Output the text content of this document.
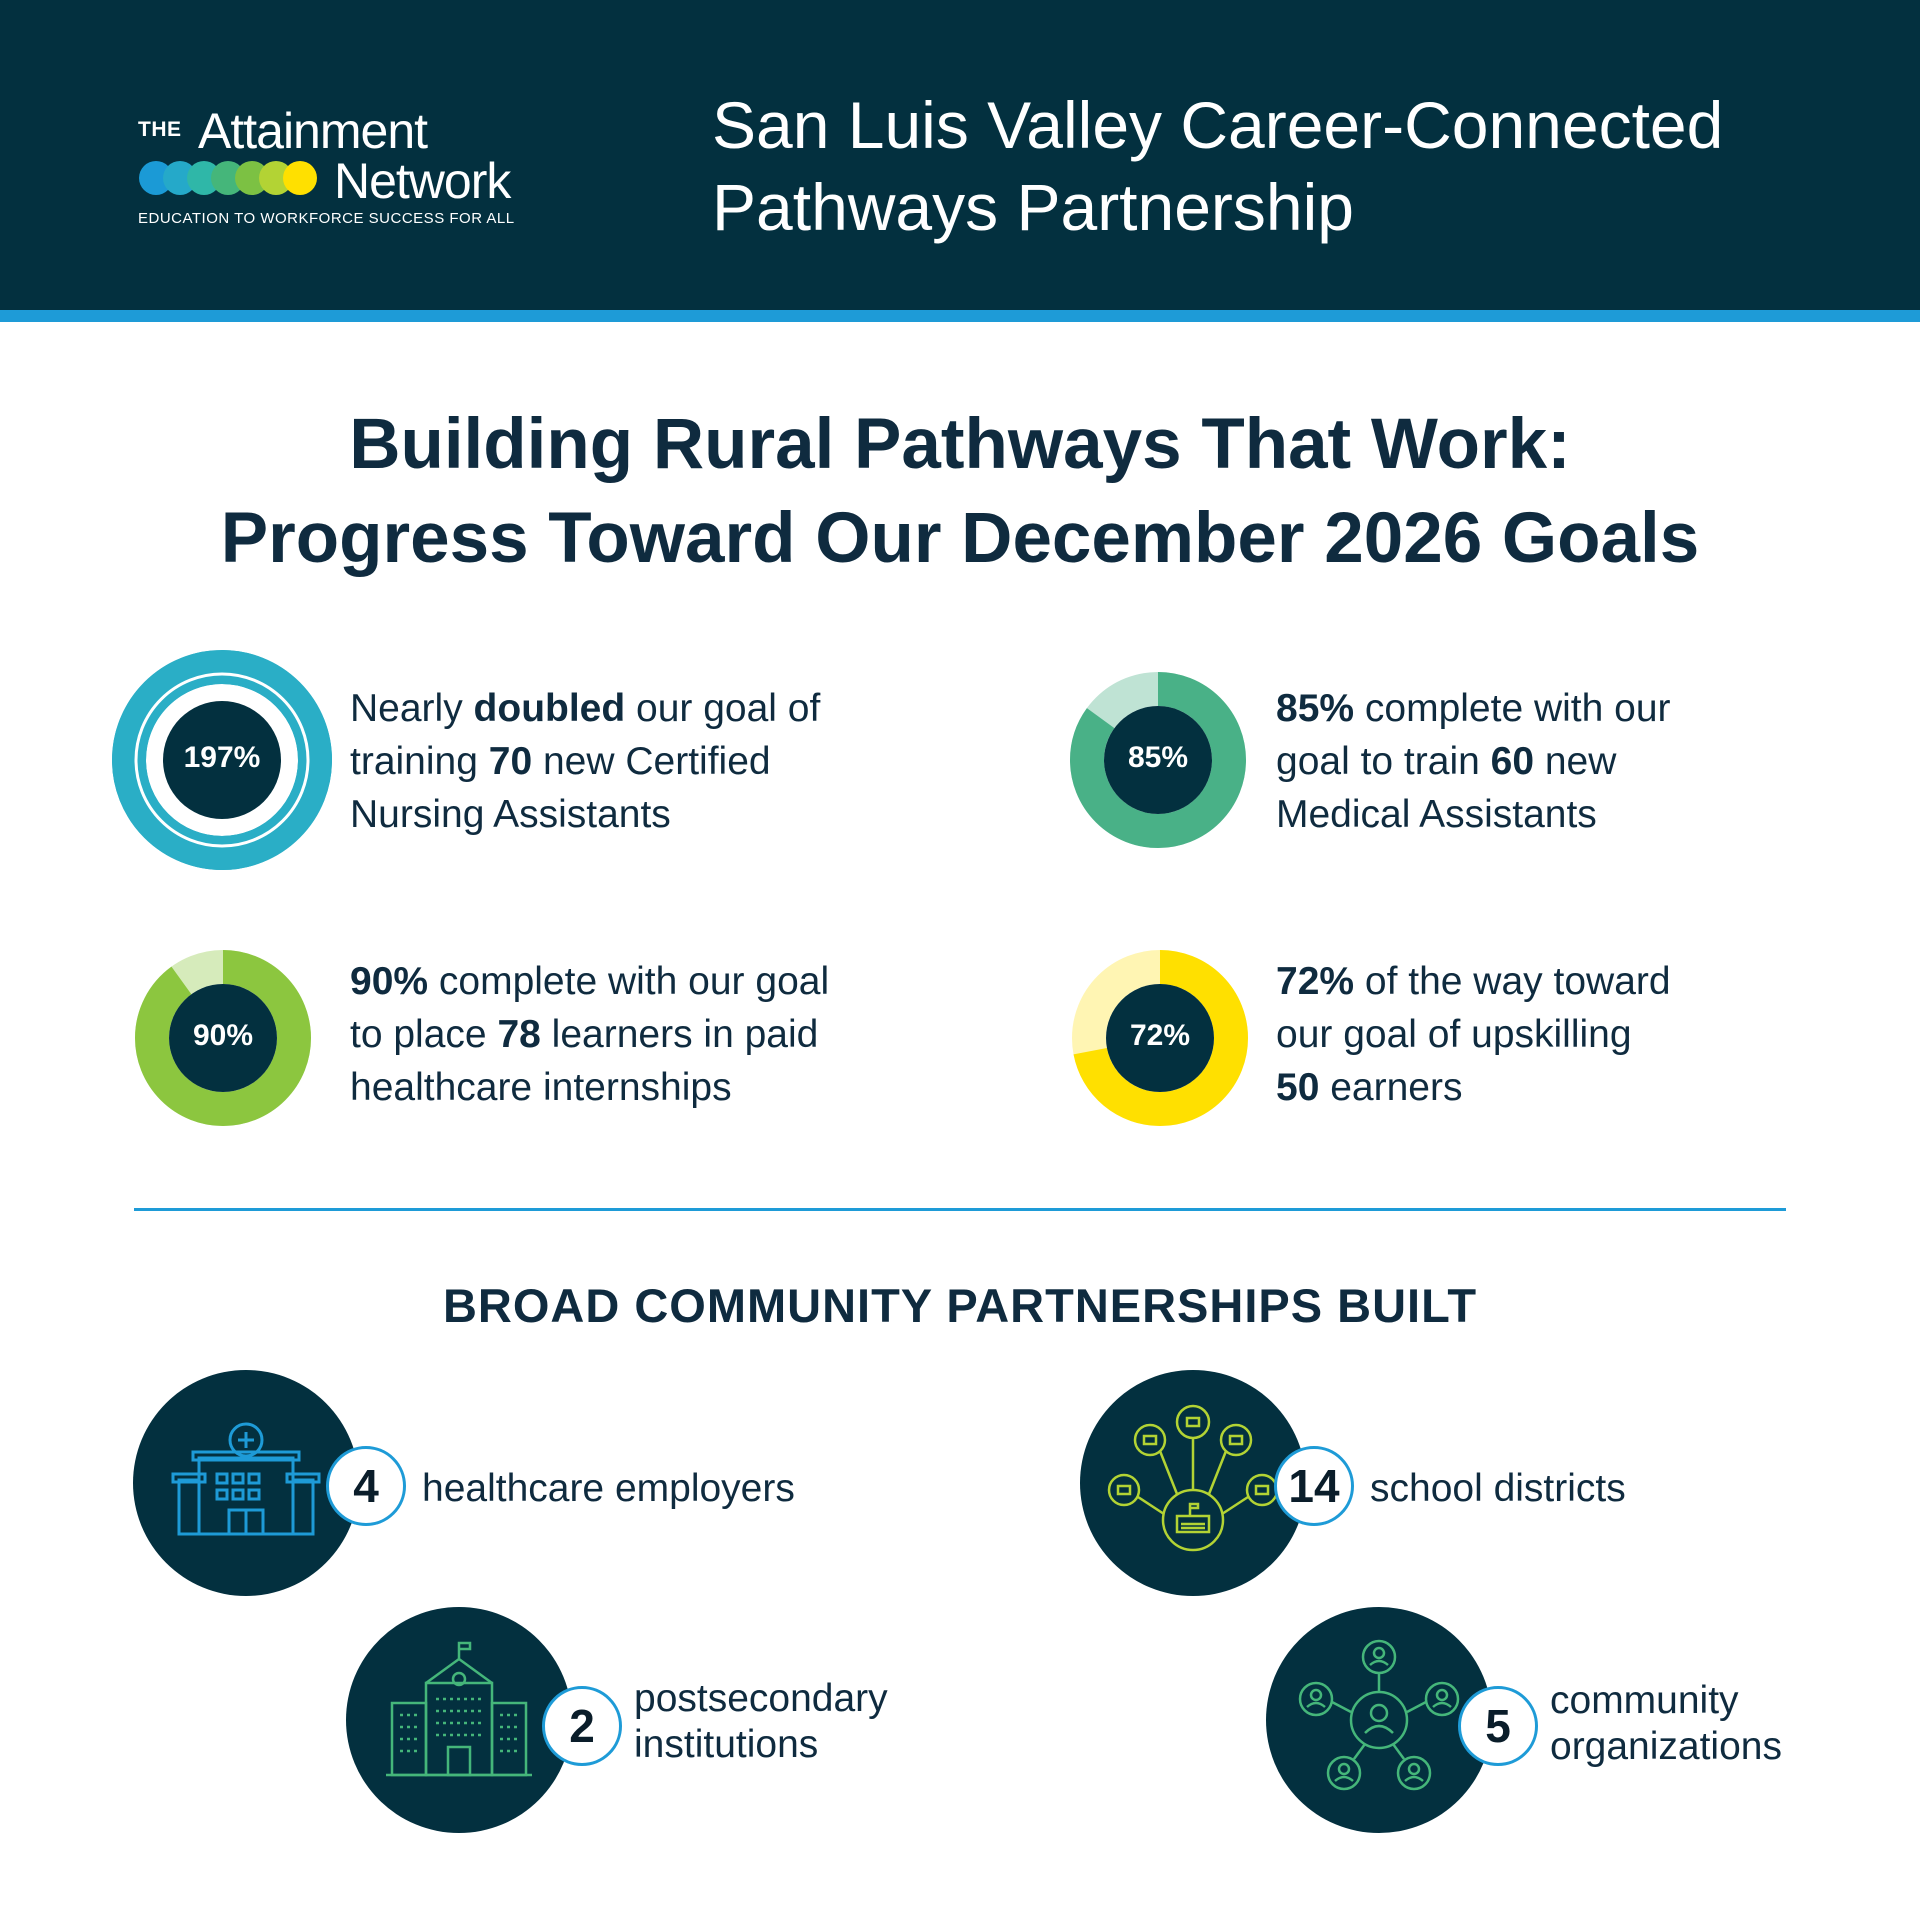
THE Attainment
Network
EDUCATION TO WORKFORCE SUCCESS FOR ALL
San Luis Valley Career-Connected
Pathways Partnership
Building Rural Pathways That Work:
Progress Toward Our December 2026 Goals
197%
Nearly doubled our goal of
training 70 new Certified
Nursing Assistants
85%
85% complete with our
goal to train 60 new
Medical Assistants
90%
90% complete with our goal
to place 78 learners in paid
healthcare internships
72%
72% of the way toward
our goal of upskilling
50 earners
BROAD COMMUNITY PARTNERSHIPS BUILT
4	healthcare employers	14 school districts
2
postsecondary
institutions	5	community
organizations
